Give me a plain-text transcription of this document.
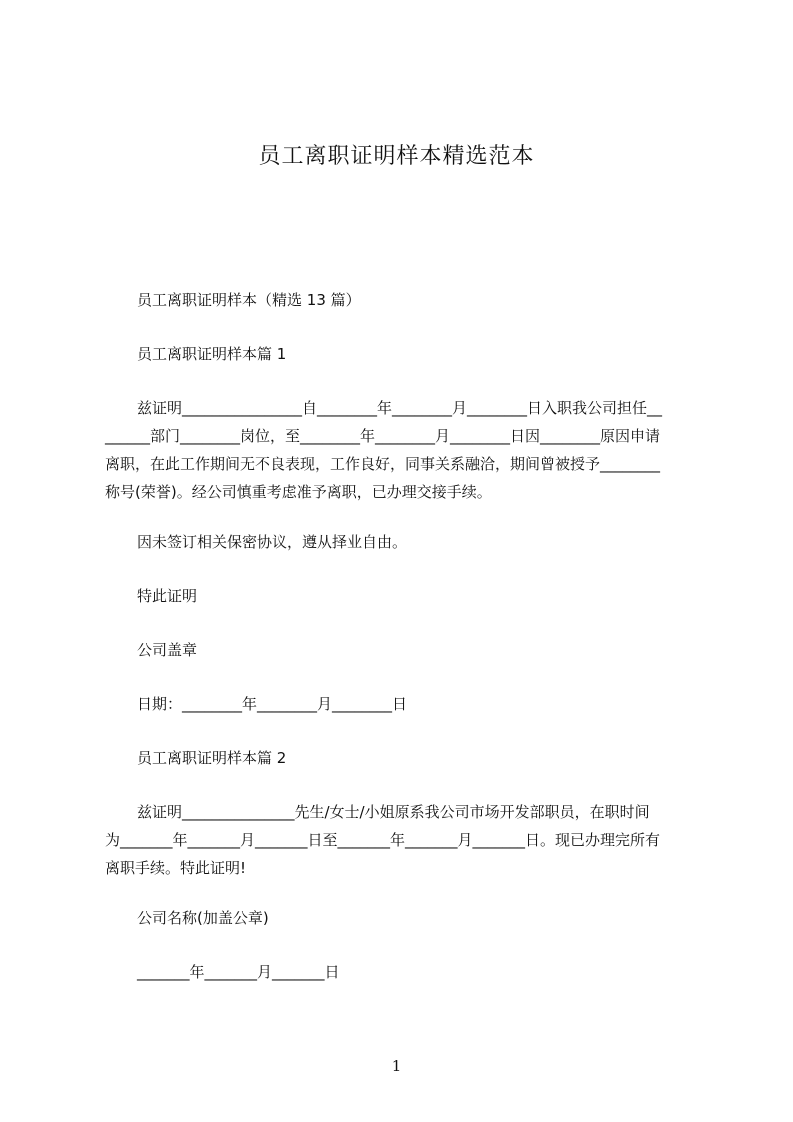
员工离职证明样本精选范本
员工离职证明样本（精选 13 篇）
员工离职证明样本篇 1
兹证明________________自________年________月________日入职我公司担任__
______部门________岗位，至________年________月________日因________原因申请
离职，在此工作期间无不良表现，工作良好，同事关系融洽，期间曾被授予________
称号(荣誉)。经公司慎重考虑准予离职，已办理交接手续。
因未签订相关保密协议，遵从择业自由。
特此证明
公司盖章
日期：________年________月________日
员工离职证明样本篇 2
兹证明_______________先生/女士/小姐原系我公司市场开发部职员，在职时间
为_______年_______月_______日至_______年_______月_______日。现已办理完所有
离职手续。特此证明!
公司名称(加盖公章)
_______年_______月_______日
1
